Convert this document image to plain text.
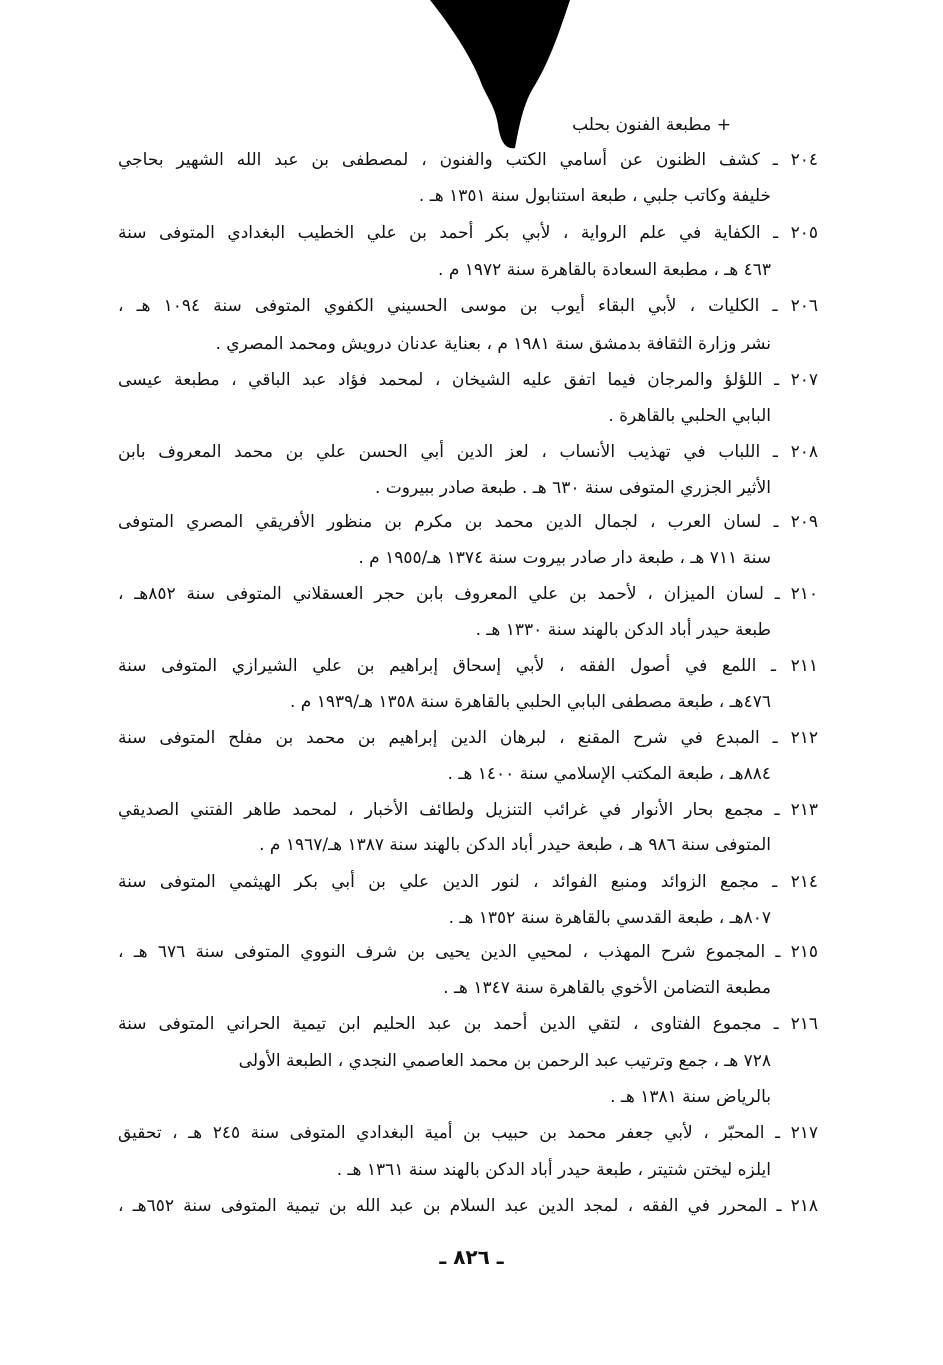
+ مطبعة الفنون بحلب
٢٠٤ ـ كشف الظنون عن أسامي الكتب والفنون ، لمصطفى بن عبد الله الشهير بحاجي
خليفة وكاتب جلبي ، طبعة استنابول سنة ١٣٥١ هـ .
٢٠٥ ـ الكفاية في علم الرواية ، لأبي بكر أحمد بن علي الخطيب البغدادي المتوفى سنة
٤٦٣ هـ ، مطبعة السعادة بالقاهرة سنة ١٩٧٢ م .
٢٠٦ ـ الكليات ، لأبي البقاء أيوب بن موسى الحسيني الكفوي المتوفى سنة ١٠٩٤ هـ ،
نشر وزارة الثقافة بدمشق سنة ١٩٨١ م ، بعناية عدنان درويش ومحمد المصري .
٢٠٧ ـ اللؤلؤ والمرجان فيما اتفق عليه الشيخان ، لمحمد فؤاد عبد الباقي ، مطبعة عيسى
البابي الحلبي بالقاهرة .
٢٠٨ ـ اللباب في تهذيب الأنساب ، لعز الدين أبي الحسن علي بن محمد المعروف بابن
الأثير الجزري المتوفى سنة ٦٣٠ هـ . طبعة صادر ببيروت .
٢٠٩ ـ لسان العرب ، لجمال الدين محمد بن مكرم بن منظور الأفريقي المصري المتوفى
سنة ٧١١ هـ ، طبعة دار صادر بيروت سنة ١٣٧٤ هـ/١٩٥٥ م .
٢١٠ ـ لسان الميزان ، لأحمد بن علي المعروف بابن حجر العسقلاني المتوفى سنة ٨٥٢هـ ،
طبعة حيدر أباد الدكن بالهند سنة ١٣٣٠ هـ .
٢١١ ـ اللمع في أصول الفقه ، لأبي إسحاق إبراهيم بن علي الشيرازي المتوفى سنة
٤٧٦هـ ، طبعة مصطفى البابي الحلبي بالقاهرة سنة ١٣٥٨ هـ/١٩٣٩ م .
٢١٢ ـ المبدع في شرح المقنع ، لبرهان الدين إبراهيم بن محمد بن مفلح المتوفى سنة
٨٨٤هـ ، طبعة المكتب الإسلامي سنة ١٤٠٠ هـ .
٢١٣ ـ مجمع بحار الأنوار في غرائب التنزيل ولطائف الأخبار ، لمحمد طاهر الفتني الصديقي
المتوفى سنة ٩٨٦ هـ ، طبعة حيدر أباد الدكن بالهند سنة ١٣٨٧ هـ/١٩٦٧ م .
٢١٤ ـ مجمع الزوائد ومنبع الفوائد ، لنور الدين علي بن أبي بكر الهيثمي المتوفى سنة
٨٠٧هـ ، طبعة القدسي بالقاهرة سنة ١٣٥٢ هـ .
٢١٥ ـ المجموع شرح المهذب ، لمحيي الدين يحيى بن شرف النووي المتوفى سنة ٦٧٦ هـ ،
مطبعة التضامن الأخوي بالقاهرة سنة ١٣٤٧ هـ .
٢١٦ ـ مجموع الفتاوى ، لتقي الدين أحمد بن عبد الحليم ابن تيمية الحراني المتوفى سنة
٧٢٨ هـ ، جمع وترتيب عبد الرحمن بن محمد العاصمي النجدي ، الطبعة الأولى
بالرياض سنة ١٣٨١ هـ .
٢١٧ ـ المحبّر ، لأبي جعفر محمد بن حبيب بن أمية البغدادي المتوفى سنة ٢٤٥ هـ ، تحقيق
ايلزه ليختن شتيتر ، طبعة حيدر أباد الدكن بالهند سنة ١٣٦١ هـ .
٢١٨ ـ المحرر في الفقه ، لمجد الدين عبد السلام بن عبد الله بن تيمية المتوفى سنة ٦٥٢هـ ،
ـ ٨٢٦ ـ
